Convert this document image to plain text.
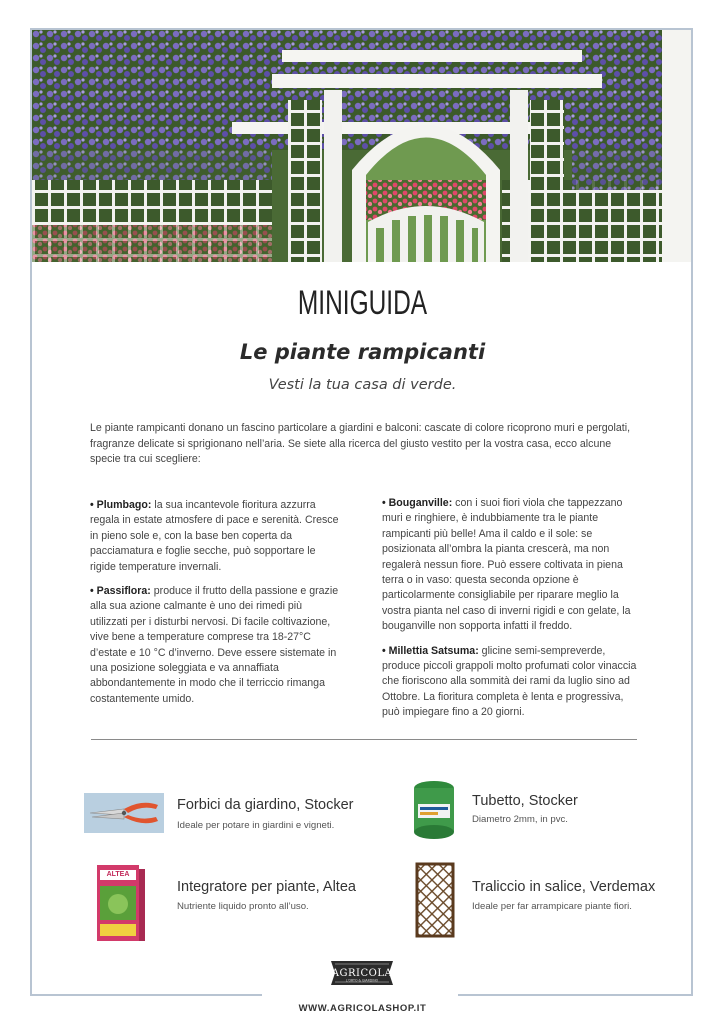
MINIGUIDA
Le piante rampicanti
Vesti la tua casa di verde.
Le piante rampicanti donano un fascino particolare a giardini e balconi: cascate di colore ricoprono muri e pergolati, fragranze delicate si sprigionano nell’aria. Se siete alla ricerca del giusto vestito per la vostra casa, ecco alcune specie tra cui scegliere:

• Plumbago: la sua incantevole fioritura azzurra regala in estate atmosfere di pace e serenità. Cresce in pieno sole e, con la base ben coperta da pacciamatura e foglie secche, può sopportare le rigide temperature invernali.

• Passiflora: produce il frutto della passione e grazie alla sua azione calmante è uno dei rimedi più utilizzati per i disturbi nervosi. Di facile coltivazione, vive bene a temperature comprese tra 18-27°C d’estate e 10 °C d’inverno. Deve essere sistemate in una posizione soleggiata e va annaffiata abbondantemente in modo che il terriccio rimanga costantemente umido.

• Bouganville: con i suoi fiori viola che tappezzano muri e ringhiere, è indubbiamente tra le piante rampicanti più belle! Ama il caldo e il sole: se posizionata all’ombra la pianta crescerà, ma non regalerà nessun fiore. Può essere coltivata in piena terra o in vaso: questa seconda opzione è particolarmente consigliabile per riparare meglio la vostra pianta nel caso di inverni rigidi e con gelate, la bouganville non sopporta infatti il freddo.

• Millettia Satsuma: glicine semi-sempreverde, produce piccoli grappoli molto profumati color vinaccia che fioriscono alla sommità dei rami da luglio sino ad Ottobre. La fioritura completa è lenta e progressiva, può impiegare fino a 20 giorni.

Forbici da giardino, Stocker
Ideale per potare in giardini e vigneti.
Tubetto, Stocker
Diametro 2mm, in pvc.
ALTEA
Integratore per piante, Altea
Nutriente liquido pronto all’uso.
Traliccio in salice, Verdemax
Ideale per far arrampicare piante fiori.
AGRICOLA
L'ORTO & GIARDINO
WWW.AGRICOLASHOP.IT
